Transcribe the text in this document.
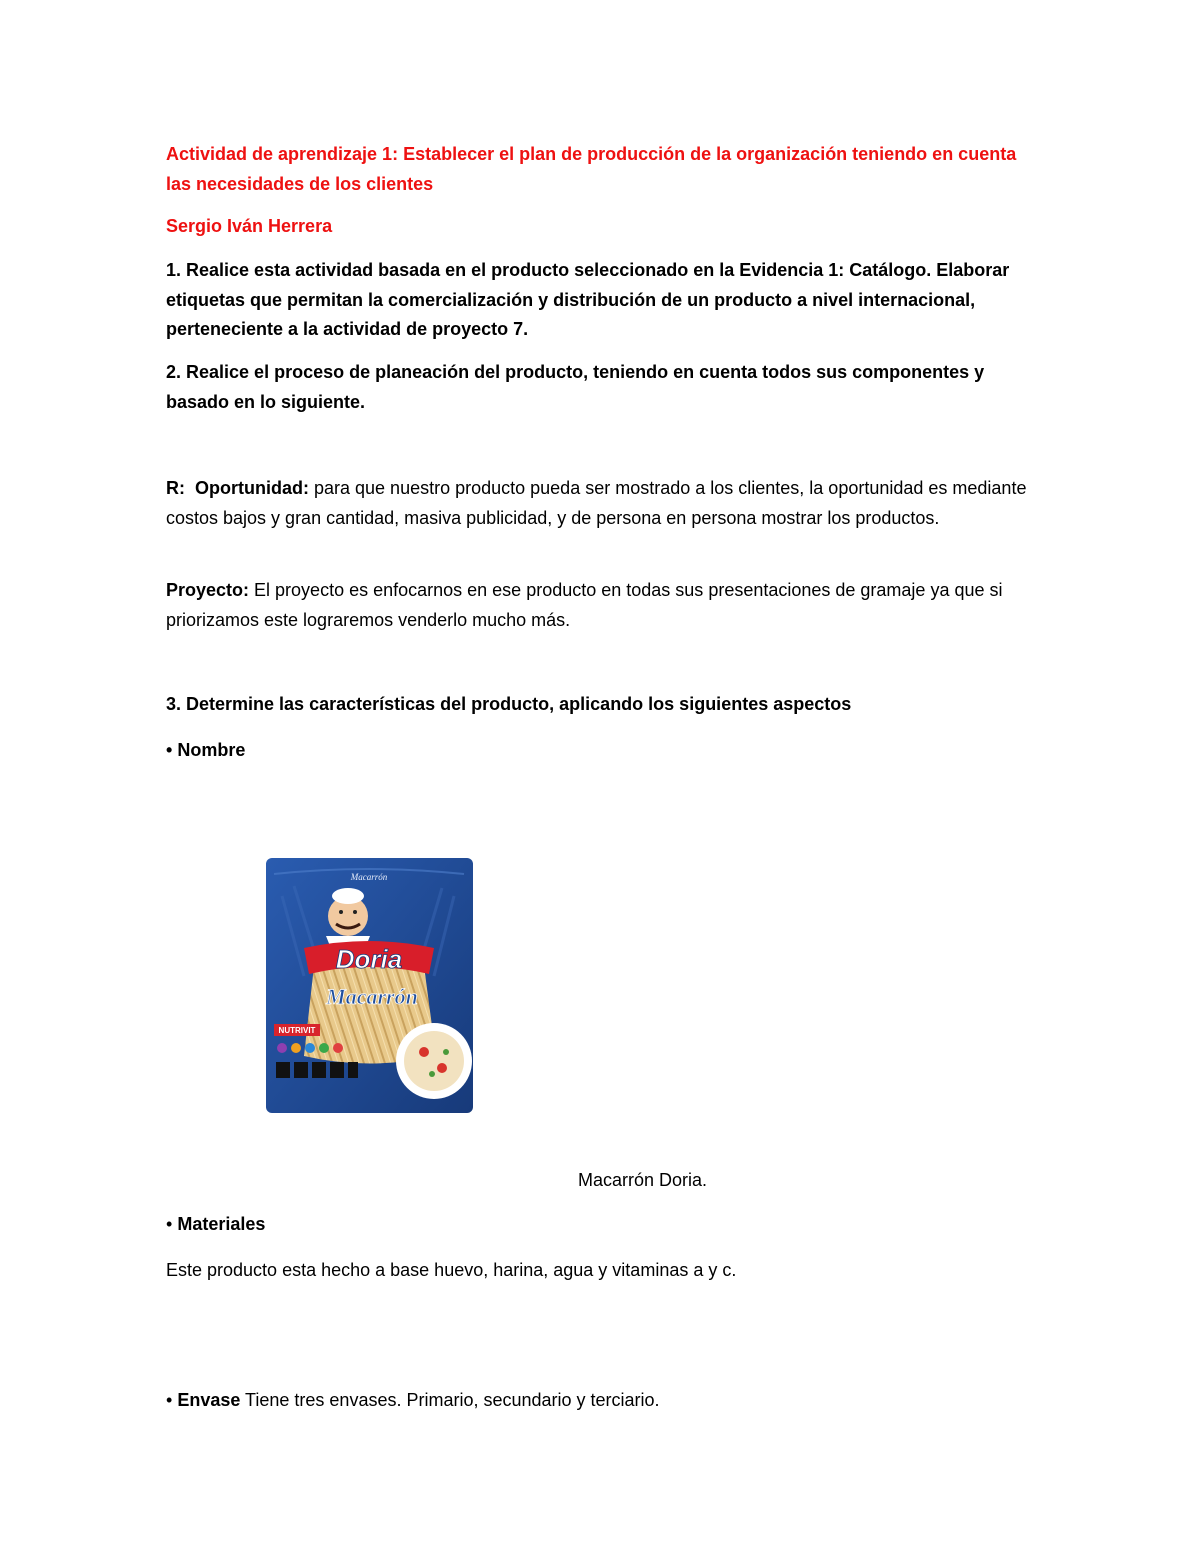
Actividad de aprendizaje 1: Establecer el plan de producción de la organización teniendo en cuenta las necesidades de los clientes

Sergio Iván Herrera

1. Realice esta actividad basada en el producto seleccionado en la Evidencia 1: Catálogo. Elaborar etiquetas que permitan la comercialización y distribución de un producto a nivel internacional, perteneciente a la actividad de proyecto 7.

2. Realice el proceso de planeación del producto, teniendo en cuenta todos sus componentes y basado en lo siguiente.

R: Oportunidad: para que nuestro producto pueda ser mostrado a los clientes, la oportunidad es mediante costos bajos y gran cantidad, masiva publicidad, y de persona en persona mostrar los productos.

Proyecto: El proyecto es enfocarnos en ese producto en todas sus presentaciones de gramaje ya que si priorizamos este lograremos venderlo mucho más.

3. Determine las características del producto, aplicando los siguientes aspectos

• Nombre

Macarrón
Doria
Macarrón
NUTRIVIT
Macarrón Doria.

• Materiales

Este producto esta hecho a base huevo, harina, agua y vitaminas a y c.

• Envase Tiene tres envases. Primario, secundario y terciario.
